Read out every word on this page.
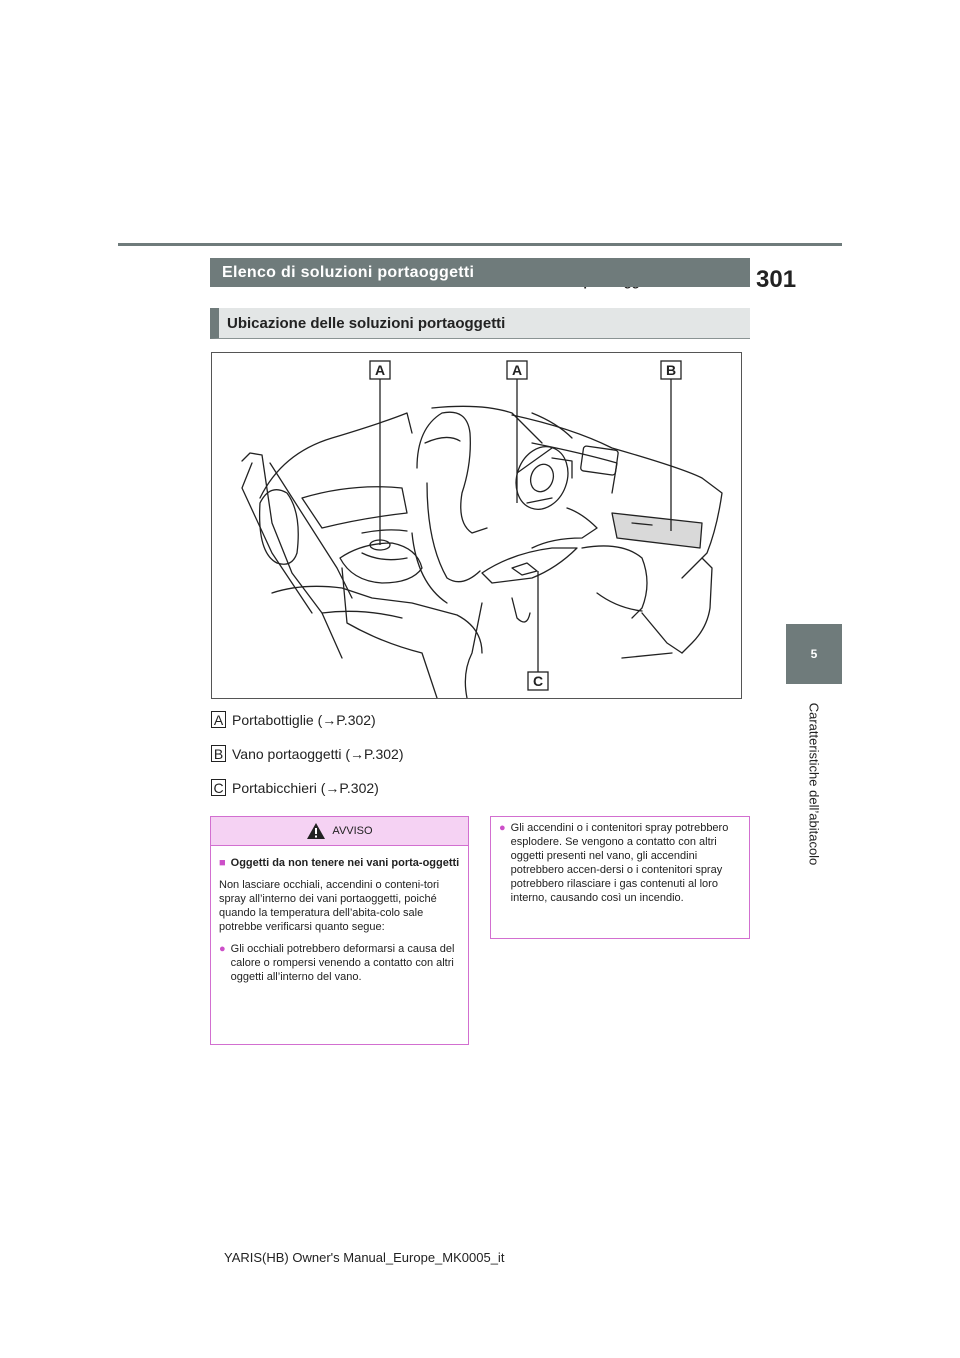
301
5
Caratteristiche dell’abitacolo
Elenco di soluzioni portaoggetti
Ubicazione delle soluzioni portaoggetti
A	A	B
C
A Portabottiglie (→P.302)
B Vano portaoggetti (→P.302)
C Portabicchieri (→P.302)
AVVISO
■ Oggetti da non tenere nei vani porta-oggetti
Non lasciare occhiali, accendini o conteni-tori spray all’interno dei vani portaoggetti, poiché quando la temperatura dell’abita-colo sale potrebbe verificarsi quanto segue:
● Gli occhiali potrebbero deformarsi a causa del calore o rompersi venendo a contatto con altri oggetti all’interno del vano.
● Gli accendini o i contenitori spray potrebbero esplodere. Se vengono a contatto con altri oggetti presenti nel vano, gli accendini potrebbero accen-dersi o i contenitori spray potrebbero rilasciare i gas contenuti al loro interno, causando così un incendio.
YARIS(HB) Owner's Manual_Europe_MK0005_it
